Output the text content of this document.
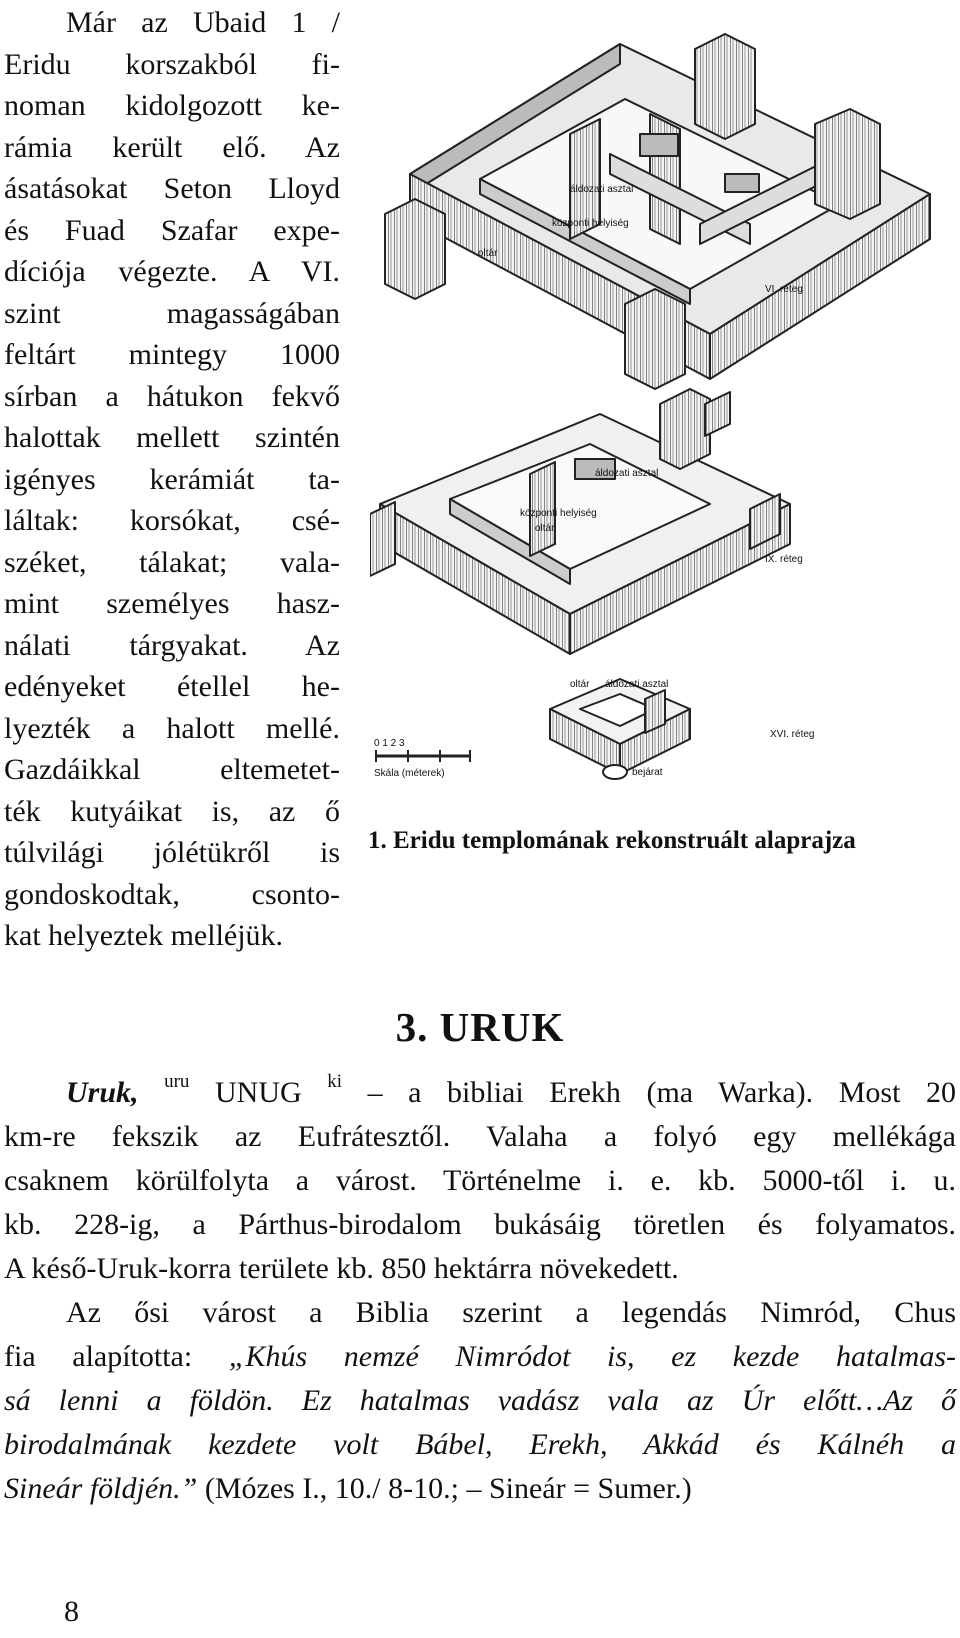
Már az Ubaid 1 /
Eridu korszakból fi-
noman kidolgozott ke-
rámia került elő. Az
ásatásokat Seton Lloyd
és Fuad Szafar expe-
díciója végezte. A VI.
szint magasságában
feltárt mintegy 1000
sírban a hátukon fekvő
halottak mellett szintén
igényes kerámiát ta-
láltak: korsókat, csé-
széket, tálakat; vala-
mint személyes hasz-
nálati tárgyakat. Az
edényeket étellel he-
lyezték a halott mellé.
Gazdáikkal eltemetet-
ték kutyáikat is, az ő
túlvilági jólétükről is
gondoskodtak, csonto-
kat helyeztek melléjük.
áldozati asztal
központi helyiség
oltár
VI. réteg
áldozati asztal
központi helyiség
oltár
IX. réteg
oltár áldozati asztal
XVI. réteg
bejárat
0 1 2 3
Skála (méterek)
1. Eridu templomának rekonstruált alaprajza
3. URUK
Uruk, $^{uru}$ UNUG $^{ki}$ – a bibliai Erekh (ma Warka). Most 20
km-re fekszik az Eufrátesztől. Valaha a folyó egy mellékága
csaknem körülfolyta a várost. Történelme i. e. kb. 5000-től i. u.
kb. 228-ig, a Párthus-birodalom bukásáig töretlen és folyamatos.
A késő-Uruk-korra területe kb. 850 hektárra növekedett.
Az ősi várost a Biblia szerint a legendás Nimród, Chus
fia alapította: „Khús nemzé Nimródot is, ez kezde hatalmas-
sá lenni a földön. Ez hatalmas vadász vala az Úr előtt…Az ő
birodalmának kezdete volt Bábel, Erekh, Akkád és Kálnéh a
Sineár földjén.” (Mózes I., 10./ 8-10.; – Sineár = Sumer.)
8
